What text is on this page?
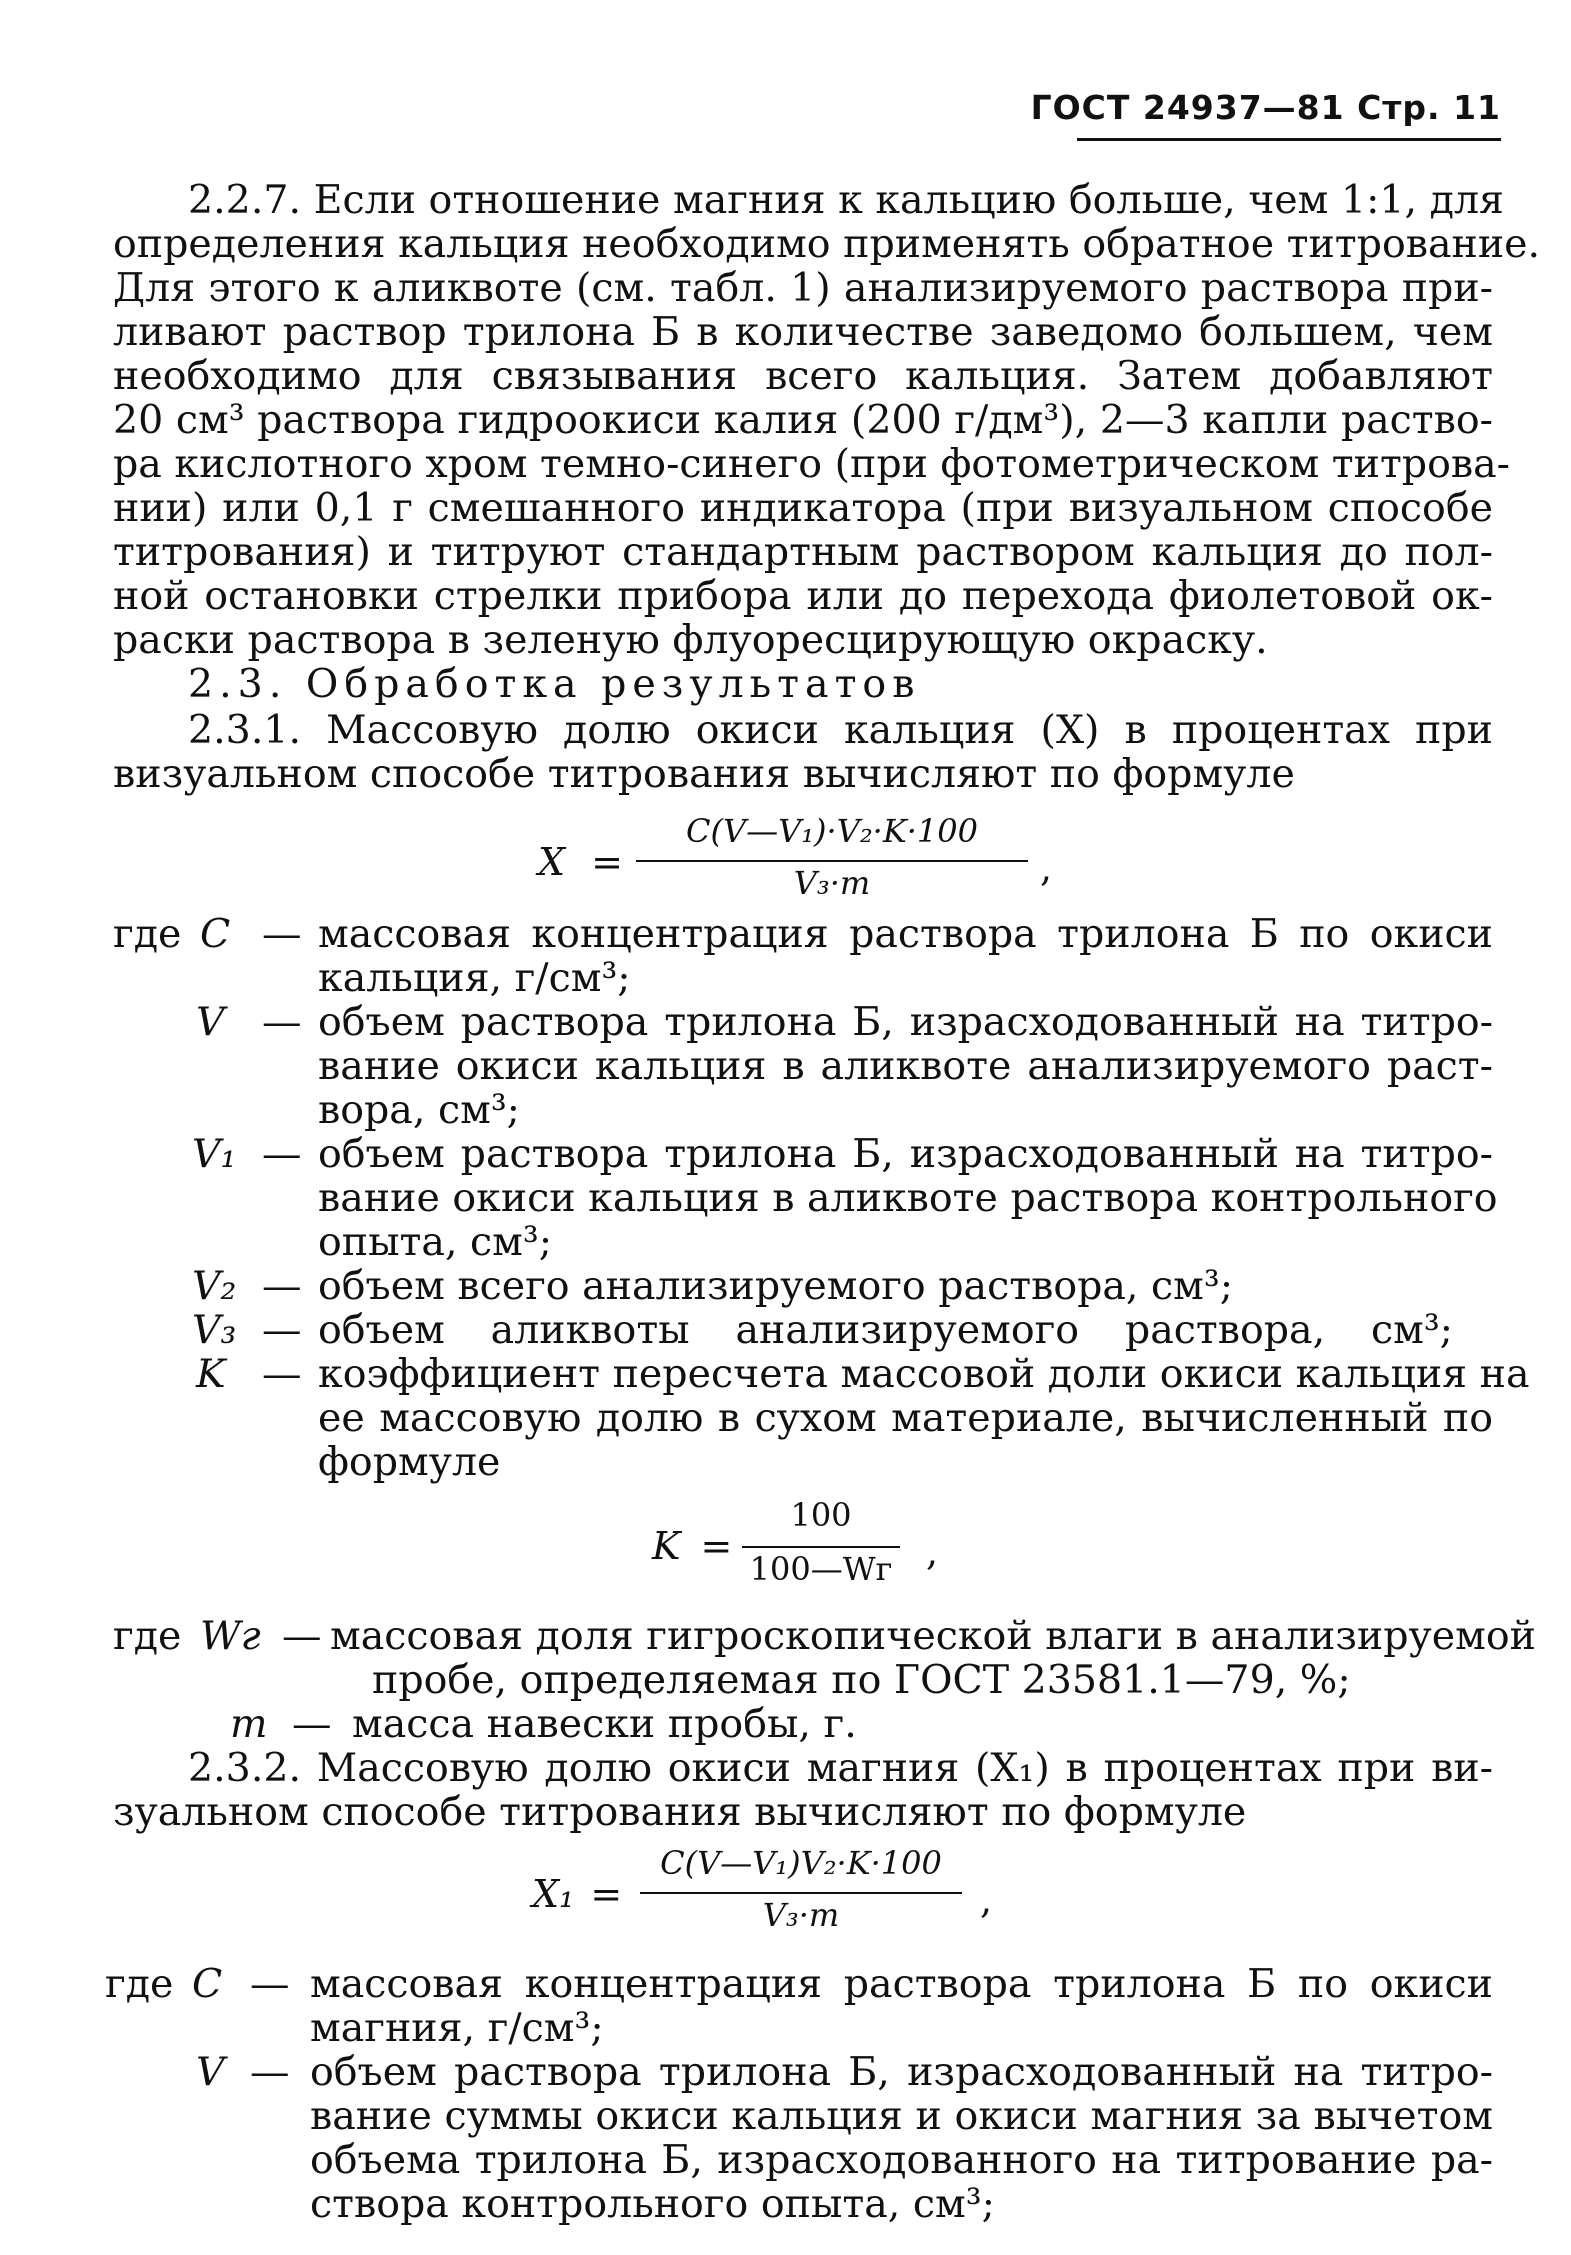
ГОСТ 24937—81 Стр. 11
2.2.7. Если отношение магния к кальцию больше, чем 1:1, для
определения кальция необходимо применять обратное титрование.
Для этого к аликвоте (см. табл. 1) анализируемого раствора при-
ливают раствор трилона Б в количестве заведомо большем, чем
необходимо для связывания всего кальция. Затем добавляют
20 см³ раствора гидроокиси калия (200 г/дм³), 2—3 капли раство-
ра кислотного хром темно-синего (при фотометрическом титрова-
нии) или 0,1 г смешанного индикатора (при визуальном способе
титрования) и титруют стандартным раствором кальция до пол-
ной остановки стрелки прибора или до перехода фиолетовой ок-
раски раствора в зеленую флуоресцирующую окраску.
2.3. Обработка результатов
2.3.1. Массовую долю окиси кальция (X) в процентах при
визуальном способе титрования вычисляют по формуле
X =
C(V—V₁)·V₂·K·100
V₃·m	,
где C — массовая концентрация раствора трилона Б по окиси
кальция, г/см³;
V — объем раствора трилона Б, израсходованный на титро-
вание окиси кальция в аликвоте анализируемого раст-
вора, см³;
V₁ — объем раствора трилона Б, израсходованный на титро-
вание окиси кальция в аликвоте раствора контрольного
опыта, см³;
V₂ — объем всего анализируемого раствора, см³;
V₃ — объем аликвоты анализируемого раствора, см³;
K — коэффициент пересчета массовой доли окиси кальция на
ее массовую долю в сухом материале, вычисленный по
формуле
K =
100
100—Wг ,
где Wг — массовая доля гигроскопической влаги в анализируемой
пробе, определяемая по ГОСТ 23581.1—79, %;
m — масса навески пробы, г.
2.3.2. Массовую долю окиси магния (X₁) в процентах при ви-
зуальном способе титрования вычисляют по формуле
X₁ =
C(V—V₁)V₂·K·100
V₃·m	,
где C — массовая концентрация раствора трилона Б по окиси
магния, г/см³;
V — объем раствора трилона Б, израсходованный на титро-
вание суммы окиси кальция и окиси магния за вычетом
объема трилона Б, израсходованного на титрование ра-
створа контрольного опыта, см³;
